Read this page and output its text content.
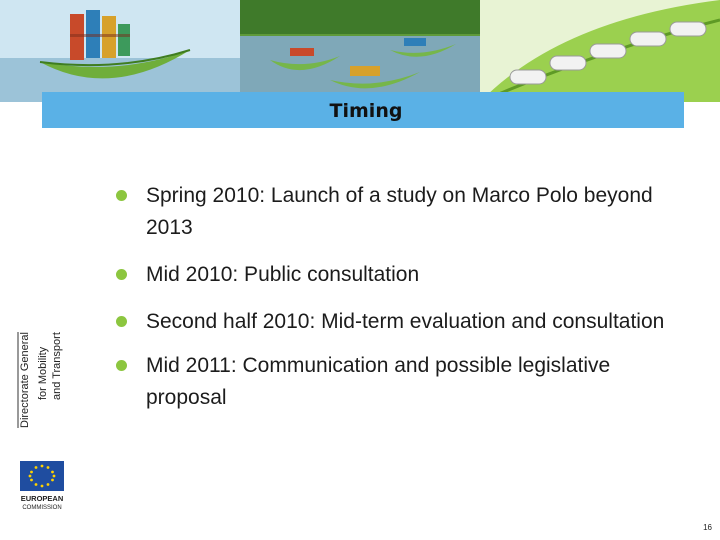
Timing
Spring 2010: Launch of a study on Marco Polo beyond 2013
Mid 2010: Public consultation
Second half 2010: Mid-term evaluation and consultation
Mid 2011: Communication and possible legislative proposal
Directorate General for Mobility and Transport
EUROPEAN
COMMISSION
16
